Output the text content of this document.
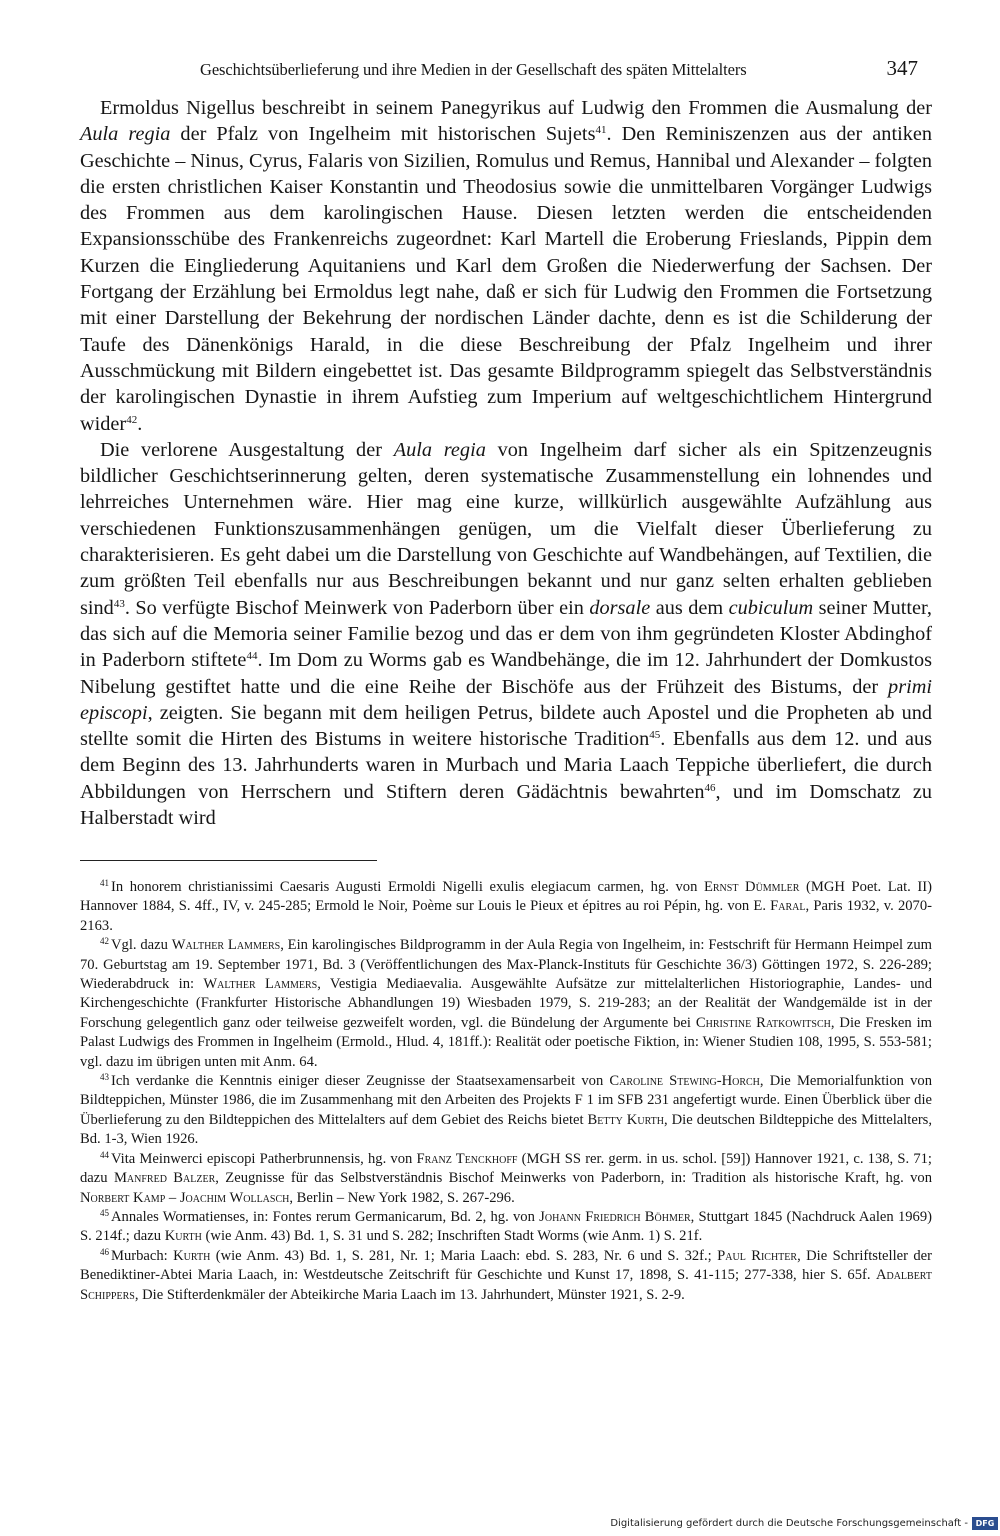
Geschichtsüberlieferung und ihre Medien in der Gesellschaft des späten Mittelalters	347

Ermoldus Nigellus beschreibt in seinem Panegyrikus auf Ludwig den Frommen die Ausmalung der Aula regia der Pfalz von Ingelheim mit historischen Sujets$^{41}$. Den Reminiszenzen aus der antiken Geschichte – Ninus, Cyrus, Falaris von Sizilien, Romulus und Remus, Hannibal und Alexander – folgten die ersten christlichen Kaiser Konstantin und Theodosius sowie die unmittelbaren Vorgänger Ludwigs des Frommen aus dem karolingischen Hause. Diesen letzten werden die entscheidenden Expansionsschübe des Frankenreichs zugeordnet: Karl Martell die Eroberung Frieslands, Pippin dem Kurzen die Eingliederung Aquitaniens und Karl dem Großen die Niederwerfung der Sachsen. Der Fortgang der Erzählung bei Ermoldus legt nahe, daß er sich für Ludwig den Frommen die Fortsetzung mit einer Darstellung der Bekehrung der nordischen Länder dachte, denn es ist die Schilderung der Taufe des Dänenkönigs Harald, in die diese Beschreibung der Pfalz Ingelheim und ihrer Ausschmückung mit Bildern eingebettet ist. Das gesamte Bildprogramm spiegelt das Selbstverständnis der karolingischen Dynastie in ihrem Aufstieg zum Imperium auf weltgeschichtlichem Hintergrund wider$^{42}$.

Die verlorene Ausgestaltung der Aula regia von Ingelheim darf sicher als ein Spitzenzeugnis bildlicher Geschichtserinnerung gelten, deren systematische Zusammenstellung ein lohnendes und lehrreiches Unternehmen wäre. Hier mag eine kurze, willkürlich ausgewählte Aufzählung aus verschiedenen Funktionszusammenhängen genügen, um die Vielfalt dieser Überlieferung zu charakterisieren. Es geht dabei um die Darstellung von Geschichte auf Wandbehängen, auf Textilien, die zum größten Teil ebenfalls nur aus Beschreibungen bekannt und nur ganz selten erhalten geblieben sind$^{43}$. So verfügte Bischof Meinwerk von Paderborn über ein dorsale aus dem cubiculum seiner Mutter, das sich auf die Memoria seiner Familie bezog und das er dem von ihm gegründeten Kloster Abdinghof in Paderborn stiftete$^{44}$. Im Dom zu Worms gab es Wandbehänge, die im 12. Jahrhundert der Domkustos Nibelung gestiftet hatte und die eine Reihe der Bischöfe aus der Frühzeit des Bistums, der primi episcopi, zeigten. Sie begann mit dem heiligen Petrus, bildete auch Apostel und die Propheten ab und stellte somit die Hirten des Bistums in weitere historische Tradition$^{45}$. Ebenfalls aus dem 12. und aus dem Beginn des 13. Jahrhunderts waren in Murbach und Maria Laach Teppiche überliefert, die durch Abbildungen von Herrschern und Stiftern deren Gädächtnis bewahrten$^{46}$, und im Domschatz zu Halberstadt wird

$^{41}$ In honorem christianissimi Caesaris Augusti Ermoldi Nigelli exulis elegiacum carmen, hg. von Ernst Dümmler (MGH Poet. Lat. II) Hannover 1884, S. 4ff., IV, v. 245-285; Ermold le Noir, Poème sur Louis le Pieux et épitres au roi Pépin, hg. von E. Faral, Paris 1932, v. 2070-2163.

$^{42}$ Vgl. dazu Walther Lammers, Ein karolingisches Bildprogramm in der Aula Regia von Ingelheim, in: Festschrift für Hermann Heimpel zum 70. Geburtstag am 19. September 1971, Bd. 3 (Veröffentlichungen des Max-Planck-Instituts für Geschichte 36/3) Göttingen 1972, S. 226-289; Wiederabdruck in: Walther Lammers, Vestigia Mediaevalia. Ausgewählte Aufsätze zur mittelalterlichen Historiographie, Landes- und Kirchengeschichte (Frankfurter Historische Abhandlungen 19) Wiesbaden 1979, S. 219-283; an der Realität der Wandgemälde ist in der Forschung gelegentlich ganz oder teilweise gezweifelt worden, vgl. die Bündelung der Argumente bei Christine Ratkowitsch, Die Fresken im Palast Ludwigs des Frommen in Ingelheim (Ermold., Hlud. 4, 181ff.): Realität oder poetische Fiktion, in: Wiener Studien 108, 1995, S. 553-581; vgl. dazu im übrigen unten mit Anm. 64.

$^{43}$ Ich verdanke die Kenntnis einiger dieser Zeugnisse der Staatsexamensarbeit von Caroline Stewing-Horch, Die Memorialfunktion von Bildteppichen, Münster 1986, die im Zusammenhang mit den Arbeiten des Projekts F 1 im SFB 231 angefertigt wurde. Einen Überblick über die Überlieferung zu den Bildteppichen des Mittelalters auf dem Gebiet des Reichs bietet Betty Kurth, Die deutschen Bildteppiche des Mittelalters, Bd. 1-3, Wien 1926.

$^{44}$ Vita Meinwerci episcopi Patherbrunnensis, hg. von Franz Tenckhoff (MGH SS rer. germ. in us. schol. [59]) Hannover 1921, c. 138, S. 71; dazu Manfred Balzer, Zeugnisse für das Selbstverständnis Bischof Meinwerks von Paderborn, in: Tradition als historische Kraft, hg. von Norbert Kamp – Joachim Wollasch, Berlin – New York 1982, S. 267-296.

$^{45}$ Annales Wormatienses, in: Fontes rerum Germanicarum, Bd. 2, hg. von Johann Friedrich Böhmer, Stuttgart 1845 (Nachdruck Aalen 1969) S. 214f.; dazu Kurth (wie Anm. 43) Bd. 1, S. 31 und S. 282; Inschriften Stadt Worms (wie Anm. 1) S. 21f.

$^{46}$ Murbach: Kurth (wie Anm. 43) Bd. 1, S. 281, Nr. 1; Maria Laach: ebd. S. 283, Nr. 6 und S. 32f.; Paul Richter, Die Schriftsteller der Benediktiner-Abtei Maria Laach, in: Westdeutsche Zeitschrift für Geschichte und Kunst 17, 1898, S. 41-115; 277-338, hier S. 65f. Adalbert Schippers, Die Stifterdenkmäler der Abteikirche Maria Laach im 13. Jahrhundert, Münster 1921, S. 2-9.

Digitalisierung gefördert durch die Deutsche Forschungsgemeinschaft - DFG
